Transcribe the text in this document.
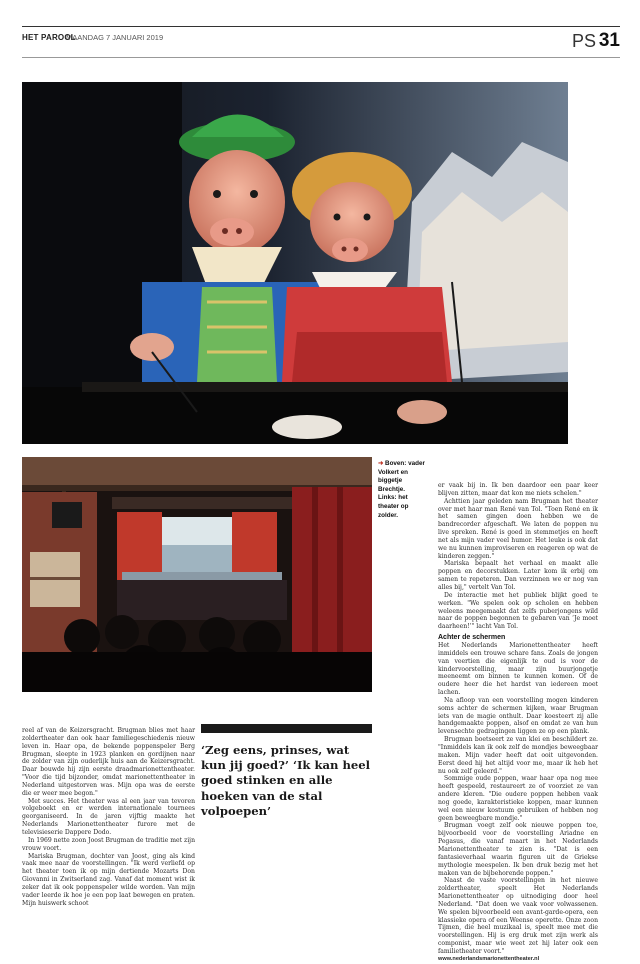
HET PAROOL
MAANDAG 7 JANUARI 2019	PS 31
➜ Boven: vader
Volkert en
biggetje
Brechtje.
Links: het
theater op
zolder.

reel af van de Keizersgracht. Brugman blies met haar zoldertheater dan ook haar familiegeschiedenis nieuw leven in. Haar opa, de bekende poppenspeler Berg Brugman, sleepte in 1923 planken en gordijnen naar de zolder van zijn ouderlijk huis aan de Keizersgracht. Daar bouwde hij zijn eerste draadmarionettentheater. "Voor die tijd bijzonder, omdat marionettentheater in Nederland uitgestorven was. Mijn opa was de eerste die er weer mee begon."

Met succes. Het theater was al een jaar van tevoren volgeboekt en er werden internationale tournees georganiseerd. In de jaren vijftig maakte het Nederlands Marionettentheater furore met de televisieserie Dappere Dodo.

In 1969 nette zoon Joost Brugman de traditie met zijn vrouw voort.

Mariska Brugman, dochter van Joost, ging als kind vaak mee naar de voorstellingen. "Ik werd verliefd op het theater toen ik op mijn dertiende Mozarts Don Giovanni in Zwitserland zag. Vanaf dat moment wist ik zeker dat ik ook poppenspeler wilde worden. Van mijn vader leerde ik hoe je een pop laat bewegen en praten. Mijn huiswerk schoot

‘Zeg eens, prinses, wat kun jij goed?’ ‘Ik kan heel goed stinken en alle hoeken van de stal volpoepen’

er vaak bij in. Ik ben daardoor een paar keer blijven zitten, maar dat kon me niets schelen."

Achttien jaar geleden nam Brugman het theater over met haar man René van Tol. "Toen René en ik het samen gingen doen hebben we de bandrecorder afgeschaft. We laten de poppen nu live spreken. René is goed in stemmetjes en heeft net als mijn vader veel humor. Het leuke is ook dat we nu kunnen improviseren en reageren op wat de kinderen zeggen."

Mariska bepaalt het verhaal en maakt alle poppen en decorstukken. Later kom ik erbij om samen te repeteren. Dan verzinnen we er nog van alles bij," vertelt Van Tol.

De interactie met het publiek blijkt goed te werken. "We spelen ook op scholen en hebben weleens meegemaakt dat zelfs puberjongens wild naar de poppen begonnen te gebaren van ‘Je moet daarheen!’" lacht Van Tol.

Achter de schermen

Het Nederlands Marionettentheater heeft inmiddels een trouwe schare fans. Zoals de jongen van veertien die eigenlijk te oud is voor de kindervoorstelling, maar zijn buurjongetje meeneemt om binnen te kunnen komen. Of de oudere heer die het hardst van iedereen moet lachen.

Na afloop van een voorstelling mogen kinderen soms achter de schermen kijken, waar Brugman iets van de magie onthult. Daar koesteert zij alle handgemaakte poppen, alsof en omdat ze van hun levensechte gedragingen liggen ze op een plank.

Brugman boetseert ze van klei en beschildert ze. "Inmiddels kan ik ook zelf de mondjes beweegbaar maken. Mijn vader heeft dat ooit uitgevonden. Eerst deed hij het altijd voor me, maar ik heb het nu ook zelf geleerd."

Sommige oude poppen, waar haar opa nog mee heeft gespeeld, restaureert ze of voorziet ze van andere kleren. "Die oudere poppen hebben vaak nog goede, karakteristieke koppen, maar kunnen wel een nieuw kostuum gebruiken of hebben nog geen beweegbare mondje."

Brugman voegt zelf ook nieuwe poppen toe, bijvoorbeeld voor de voorstelling Ariadne en Pegasus, die vanaf maart in het Nederlands Marionettentheater te zien is. "Dat is een fantasieverhaal waarin figuren uit de Griekse mythologie meespelen. Ik ben druk bezig met het maken van de bijbehorende poppen."

Naast de vaste voorstellingen in het nieuwe zoldertheater, speelt Het Nederlands Marionettentheater op uitnodiging door heel Nederland. "Dat doen we vaak voor volwassenen. We spelen bijvoorbeeld een avant-garde-opera, een klassieke opera of een Weense operette. Onze zoon Tijmen, die heel muzikaal is, speelt mee met die voorstellingen. Hij is erg druk met zijn werk als componist, maar wie weet zet hij later ook een familietheater voort."

www.nederlandsmarionettentheater.nl
